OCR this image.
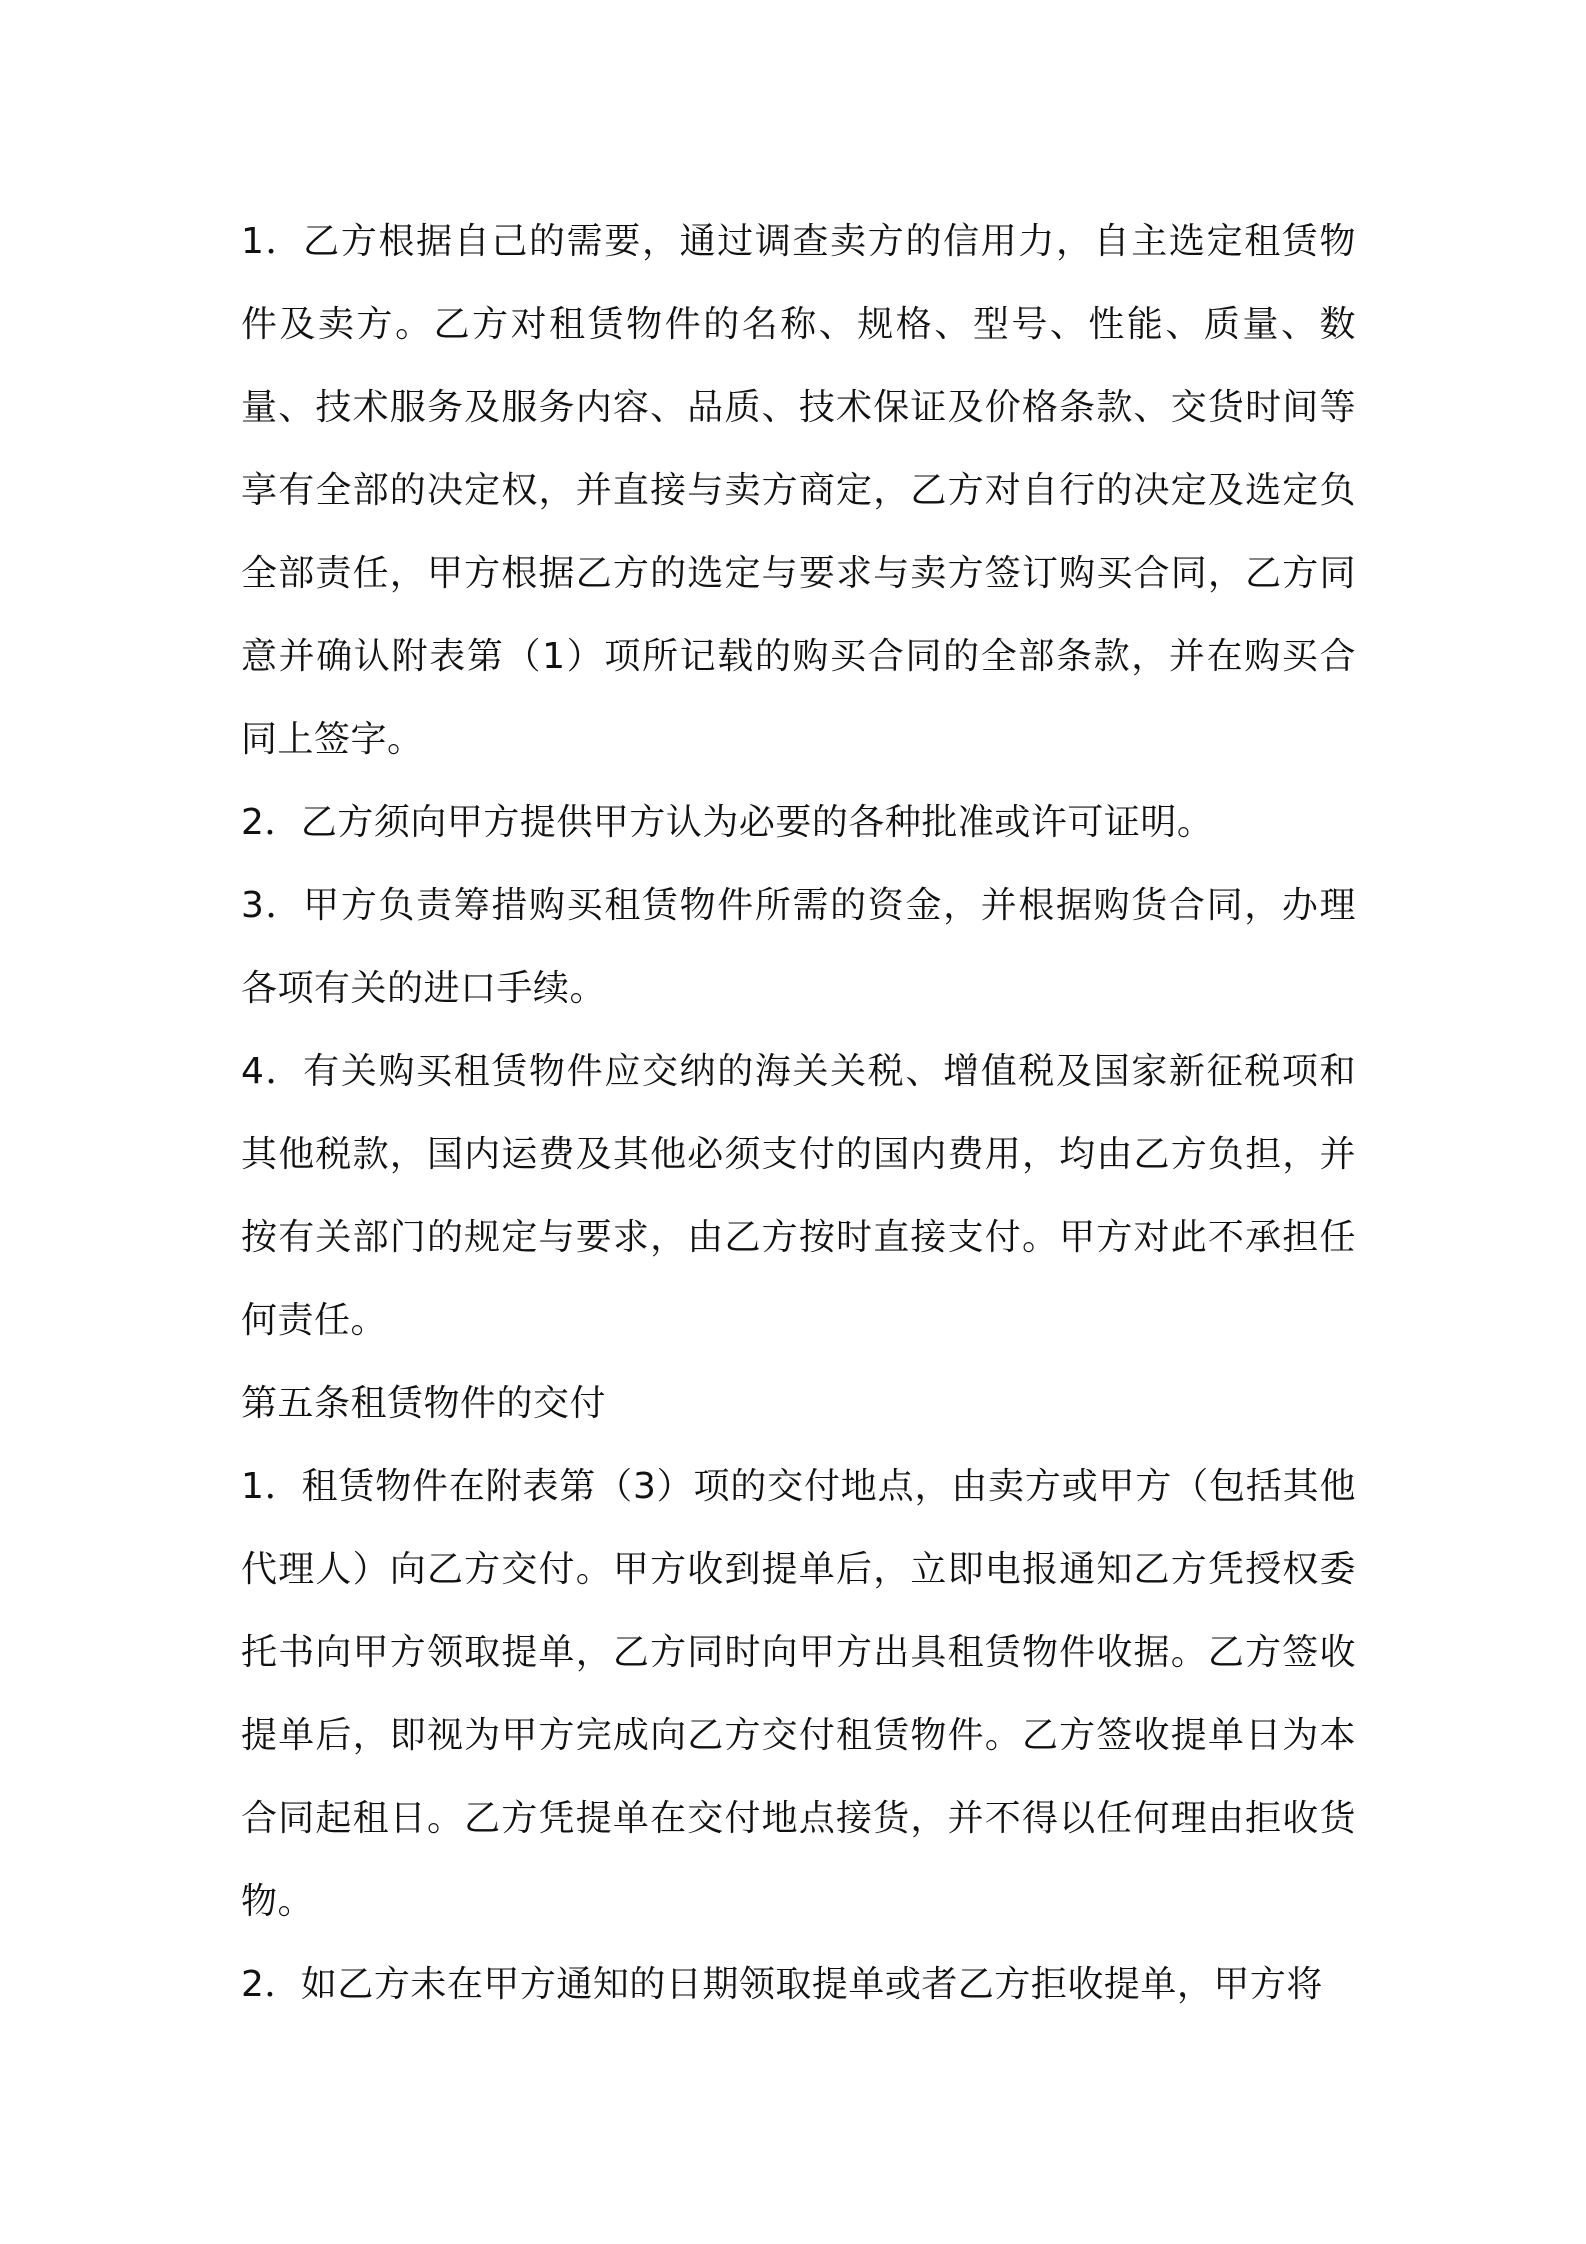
1．乙方根据自己的需要，通过调查卖方的信用力，自主选定租赁物件及卖方。乙方对租赁物件的名称、规格、型号、性能、质量、数量、技术服务及服务内容、品质、技术保证及价格条款、交货时间等享有全部的决定权，并直接与卖方商定，乙方对自行的决定及选定负全部责任，甲方根据乙方的选定与要求与卖方签订购买合同，乙方同意并确认附表第（1）项所记载的购买合同的全部条款，并在购买合同上签字。

2．乙方须向甲方提供甲方认为必要的各种批准或许可证明。

3．甲方负责筹措购买租赁物件所需的资金，并根据购货合同，办理各项有关的进口手续。

4．有关购买租赁物件应交纳的海关关税、增值税及国家新征税项和其他税款，国内运费及其他必须支付的国内费用，均由乙方负担，并按有关部门的规定与要求，由乙方按时直接支付。甲方对此不承担任何责任。

第五条租赁物件的交付

1．租赁物件在附表第（3）项的交付地点，由卖方或甲方（包括其他代理人）向乙方交付。甲方收到提单后，立即电报通知乙方凭授权委托书向甲方领取提单，乙方同时向甲方出具租赁物件收据。乙方签收提单后，即视为甲方完成向乙方交付租赁物件。乙方签收提单日为本合同起租日。乙方凭提单在交付地点接货，并不得以任何理由拒收货物。

2．如乙方未在甲方通知的日期领取提单或者乙方拒收提单，甲方将
